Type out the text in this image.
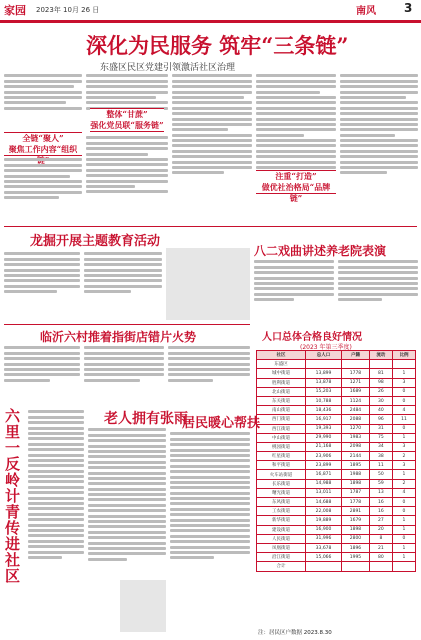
家园 2023年 10月 26 日	南风 3
深化为民服务 筑牢“三条链”
东盛区民区党建引领激活社区治理
全链“聚人”
聚焦工作内容“组织
整体“甘蔗”
强化党员联“服务链”
注重“打造”
做优社治格局“品牌链”
龙掘开展主题教育活动
八二戏曲讲述养老院表演
临沂六村推着指街店错片火势
六
里
一
反
岭
计
青
传
进
社
区
老人拥有张雨
居民暖心帮扶
人口总体合格良好情况
(2023 年第三季度)
社区	总人口	户籍	流动	比例
东盛区				
城中街道	13,899	1778	81	1
胜利街道	13,878	1271	98	3
北山街道	15,203	1689	26	0
东关街道	10,788	1124	30	0
南山街道	18,436	2484	40	4
西门街道	16,917	2088	96	11
西江街道	19,393	1270	31	0
中山街道	29,990	1983	75	1
桃园街道	21,168	2098	34	3
红星街道	23,906	2144	38	2
和平街道	23,899	1895	11	3
火车站街道	16,871	1988	50	1
长乐街道	14,988	1898	59	2
曙光街道	13,011	1787	13	4
东风街道	14,688	1778	16	0
工农街道	22,008	2891	16	0
新华街道	19,889	1679	27	1
建设街道	16,900	1898	20	1
人民街道	31,996	2800	8	0
凤凰街道	33,678	1896	21	1
沿江街道	15,066	1995	80	1
合计				
注：居民区户数据 2023.8.30
